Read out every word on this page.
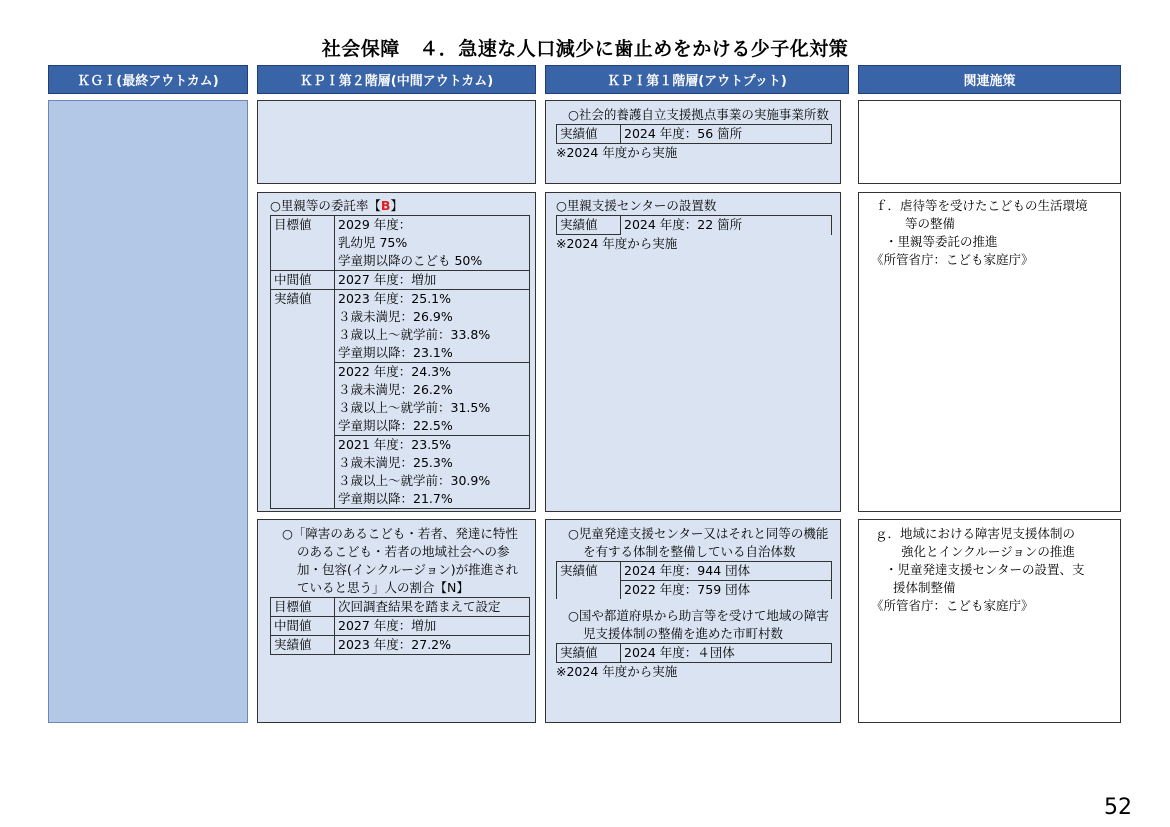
社会保障　４．急速な人口減少に歯止めをかける少子化対策
ＫＧＩ(最終アウトカム)	ＫＰＩ第２階層(中間アウトカム)	ＫＰＩ第１階層(アウトプット)	関連施策
○社会的養護自立支援拠点事業の実施事業所数
実績値	2024 年度：56 箇所
※2024 年度から実施
○里親等の委託率【B】
目標値	2029 年度：
乳幼児 75%
学童期以降のこども 50%

中間値	2027 年度：増加
実績値	2023 年度：25.1%
３歳未満児：26.9%
３歳以上～就学前：33.8%
学童期以降：23.1%

	2022 年度：24.3%
３歳未満児：26.2%
３歳以上～就学前：31.5%
学童期以降：22.5%

	2021 年度：23.5%
３歳未満児：25.3%
３歳以上～就学前：30.9%
学童期以降：21.7%
○里親支援センターの設置数
実績値	2024 年度：22 箇所
※2024 年度から実施
ｆ．虐待等を受けたこどもの生活環境
等の整備
・里親等委託の推進
《所管省庁：こども家庭庁》
○「障害のあるこども・若者、発達に特性のあるこども・若者の地域社会への参加・包容(インクルージョン)が推進されていると思う」人の割合【N】
目標値	次回調査結果を踏まえて設定
中間値	2027 年度：増加
実績値	2023 年度：27.2%
○児童発達支援センター又はそれと同等の機能を有する体制を整備している自治体数
実績値	2024 年度：944 団体
2022 年度：759 団体
○国や都道府県から助言等を受けて地域の障害児支援体制の整備を進めた市町村数
実績値	2024 年度：４団体
※2024 年度から実施
ｇ．地域における障害児支援体制の
強化とインクルージョンの推進
・児童発達支援センターの設置、支
援体制整備
《所管省庁：こども家庭庁》
52
